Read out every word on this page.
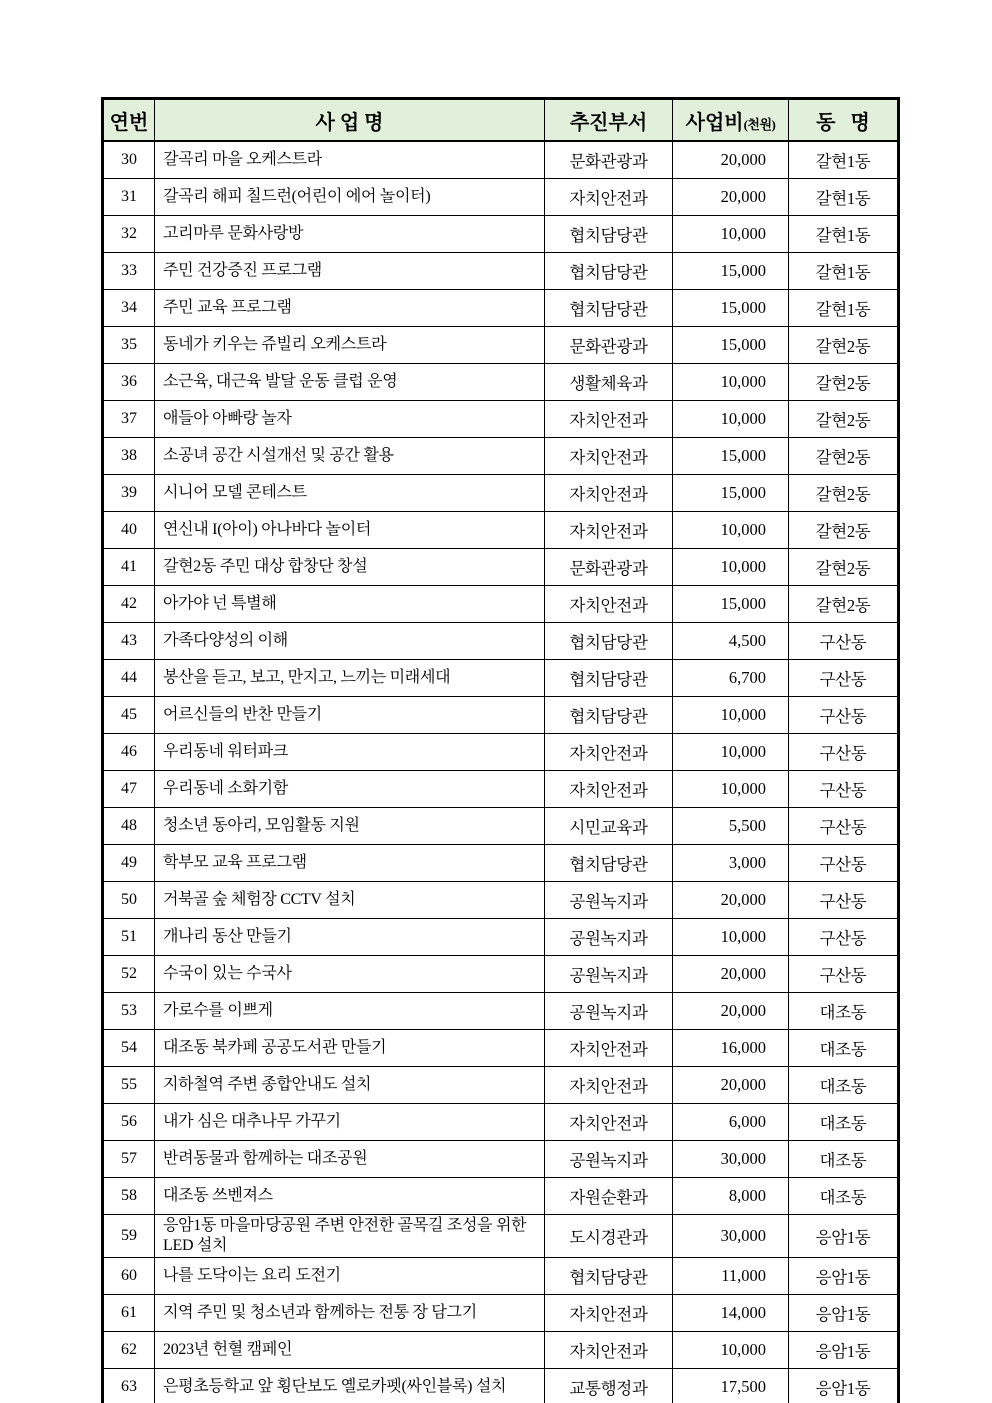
연번	사 업 명	추진부서	사업비(천원)	동   명
30	갈곡리 마을 오케스트라	문화관광과	20,000	갈현1동
31	갈곡리 해피 칠드런(어린이 에어 놀이터)	자치안전과	20,000	갈현1동
32	고리마루 문화사랑방	협치담당관	10,000	갈현1동
33	주민 건강증진 프로그램	협치담당관	15,000	갈현1동
34	주민 교육 프로그램	협치담당관	15,000	갈현1동
35	동네가 키우는 쥬빌리 오케스트라	문화관광과	15,000	갈현2동
36	소근육, 대근육 발달 운동 클럽 운영	생활체육과	10,000	갈현2동
37	애들아 아빠랑 놀자	자치안전과	10,000	갈현2동
38	소공녀 공간 시설개선 및 공간 활용	자치안전과	15,000	갈현2동
39	시니어 모델 콘테스트	자치안전과	15,000	갈현2동
40	연신내 I(아이) 아나바다 놀이터	자치안전과	10,000	갈현2동
41	갈현2동 주민 대상 합창단 창설	문화관광과	10,000	갈현2동
42	아가야 넌 특별해	자치안전과	15,000	갈현2동
43	가족다양성의 이해	협치담당관	4,500	구산동
44	봉산을 듣고, 보고, 만지고, 느끼는 미래세대	협치담당관	6,700	구산동
45	어르신들의 반찬 만들기	협치담당관	10,000	구산동
46	우리동네 워터파크	자치안전과	10,000	구산동
47	우리동네 소화기함	자치안전과	10,000	구산동
48	청소년 동아리, 모임활동 지원	시민교육과	5,500	구산동
49	학부모 교육 프로그램	협치담당관	3,000	구산동
50	거북골 숲 체험장 CCTV 설치	공원녹지과	20,000	구산동
51	개나리 동산 만들기	공원녹지과	10,000	구산동
52	수국이 있는 수국사	공원녹지과	20,000	구산동
53	가로수를 이쁘게	공원녹지과	20,000	대조동
54	대조동 북카페 공공도서관 만들기	자치안전과	16,000	대조동
55	지하철역 주변 종합안내도 설치	자치안전과	20,000	대조동
56	내가 심은 대추나무 가꾸기	자치안전과	6,000	대조동
57	반려동물과 함께하는 대조공원	공원녹지과	30,000	대조동
58	대조동 쓰벤져스	자원순환과	8,000	대조동
59	응암1동 마을마당공원 주변 안전한 골목길 조성을 위한 LED 설치	도시경관과	30,000	응암1동
60	나를 도닥이는 요리 도전기	협치담당관	11,000	응암1동
61	지역 주민 및 청소년과 함께하는 전통 장 담그기	자치안전과	14,000	응암1동
62	2023년 헌혈 캠페인	자치안전과	10,000	응암1동
63	은평초등학교 앞 횡단보도 옐로카펫(싸인블록) 설치	교통행정과	17,500	응암1동
